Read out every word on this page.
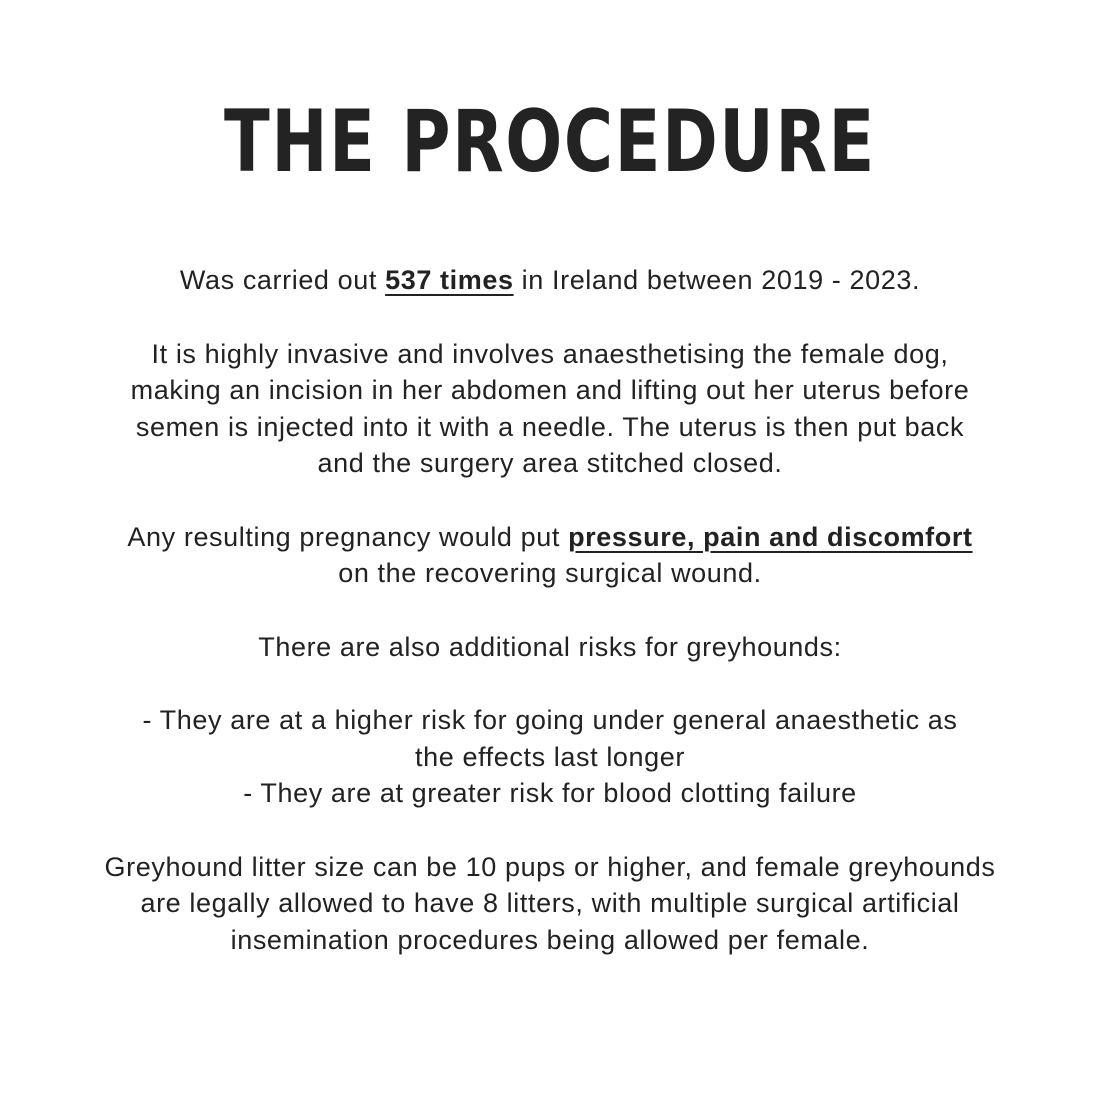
THE PROCEDURE

Was carried out 537 times in Ireland between 2019 - 2023.

It is highly invasive and involves anaesthetising the female dog,
making an incision in her abdomen and lifting out her uterus before
semen is injected into it with a needle. The uterus is then put back
and the surgery area stitched closed.

Any resulting pregnancy would put pressure, pain and discomfort
on the recovering surgical wound.

There are also additional risks for greyhounds:

- They are at a higher risk for going under general anaesthetic as
the effects last longer
- They are at greater risk for blood clotting failure

Greyhound litter size can be 10 pups or higher, and female greyhounds
are legally allowed to have 8 litters, with multiple surgical artificial
insemination procedures being allowed per female.
